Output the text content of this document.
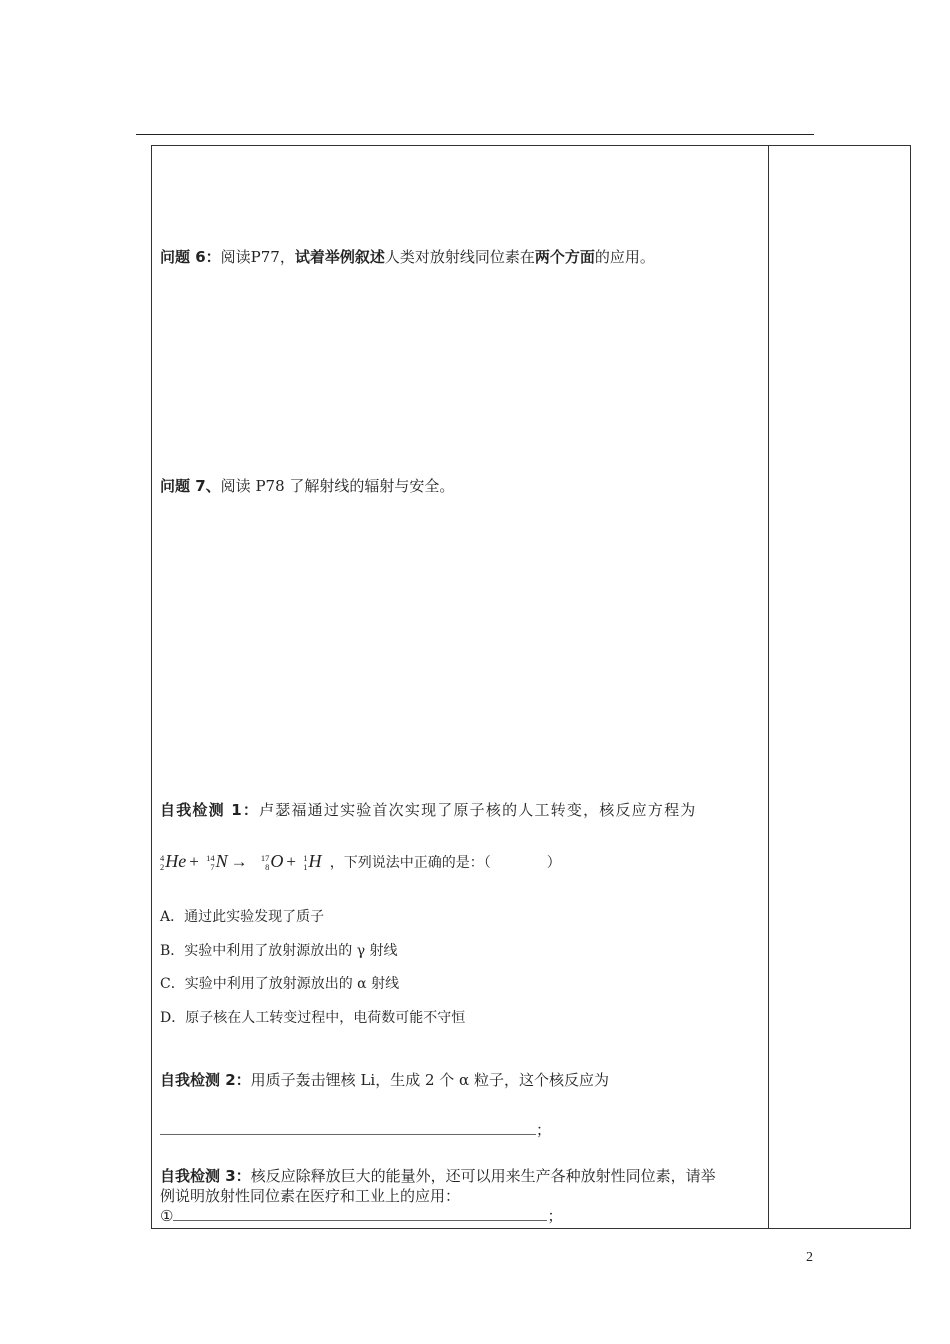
问题 6：阅读P77，试着举例叙述人类对放射线同位素在两个方面的应用。
问题 7、阅读 P78 了解射线的辐射与安全。
自我检测 1：卢瑟福通过实验首次实现了原子核的人工转变，核反应方程为
4
2 He + 14
7 N → 17
8 O + 1
1 H ，下列说法中正确的是：（　　　　）
A．通过此实验发现了质子
B．实验中利用了放射源放出的 γ 射线
C．实验中利用了放射源放出的 α 射线
D．原子核在人工转变过程中，电荷数可能不守恒
自我检测 2：用质子轰击锂核 Li，生成 2 个 α 粒子，这个核反应为
；
自我检测 3：核反应除释放巨大的能量外，还可以用来生产各种放射性同位素，请举
例说明放射性同位素在医疗和工业上的应用：
①	；
2
